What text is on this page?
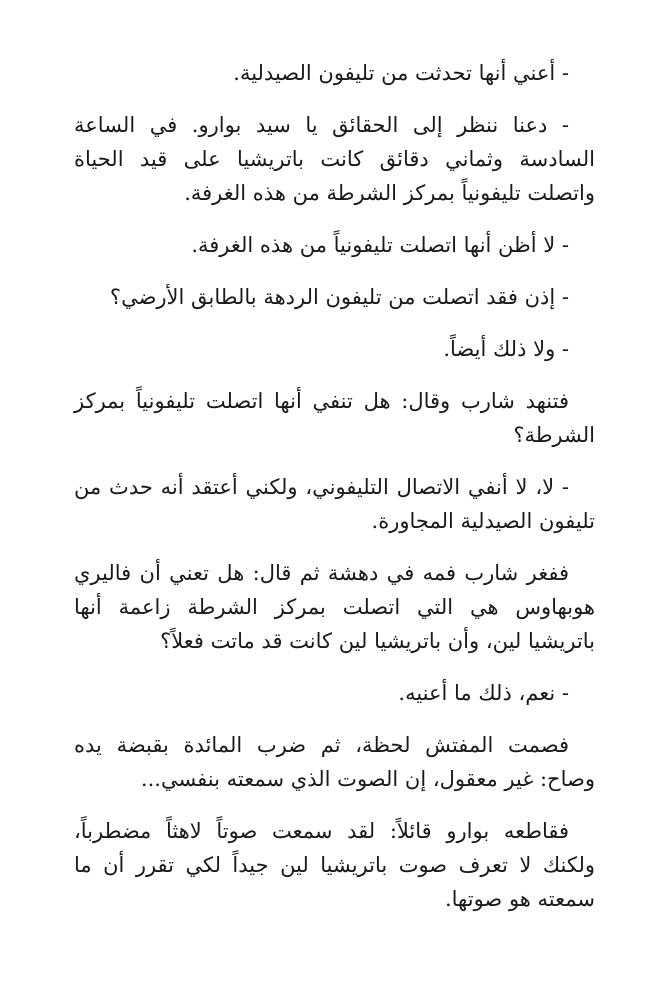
- أعني أنها تحدثت من تليفون الصيدلية.

- دعنا ننظر إلى الحقائق يا سيد بوارو. في الساعة السادسة وثماني دقائق كانت باتريشيا على قيد الحياة واتصلت تليفونياً بمركز الشرطة من هذه الغرفة.

- لا أظن أنها اتصلت تليفونياً من هذه الغرفة.

- إذن فقد اتصلت من تليفون الردهة بالطابق الأرضي؟

- ولا ذلك أيضاً.

فتنهد شارب وقال: هل تنفي أنها اتصلت تليفونياً بمركز الشرطة؟

- لا، لا أنفي الاتصال التليفوني، ولكني أعتقد أنه حدث من تليفون الصيدلية المجاورة.

ففغر شارب فمه في دهشة ثم قال: هل تعني أن فاليري هوبهاوس هي التي اتصلت بمركز الشرطة زاعمة أنها باتريشيا لين، وأن باتريشيا لين كانت قد ماتت فعلاً؟

- نعم، ذلك ما أعنيه.

فصمت المفتش لحظة، ثم ضرب المائدة بقبضة يده وصاح: غير معقول، إن الصوت الذي سمعته بنفسي...

فقاطعه بوارو قائلاً: لقد سمعت صوتاً لاهثاً مضطرباً، ولكنك لا تعرف صوت باتريشيا لين جيداً لكي تقرر أن ما سمعته هو صوتها.
